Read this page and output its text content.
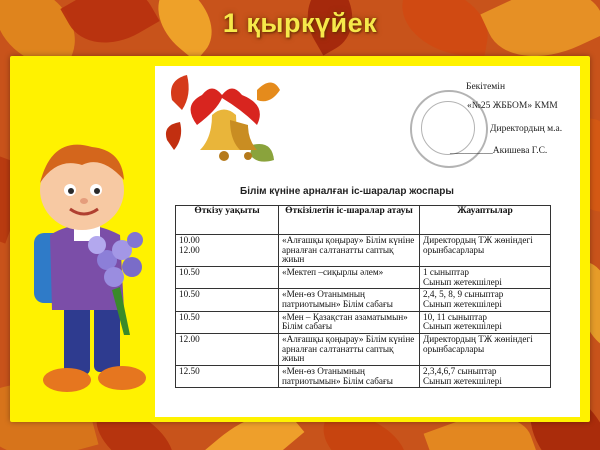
1 қыркүйек
Бекітемін
«№25 ЖББОМ» КММ
Директордың м.а.
_________Акишева Г.С.
Білім күніне арналған іс-шаралар жоспары
Өткізу уақыты	Өткізілетін іс-шаралар атауы	Жауаптылар
10.00
12.00	«Алғашқы қоңырау» Білім күніне арналған салтанатты саптық жиын	Директордың ТЖ жөніндегі орынбасарлары
10.50	«Мектеп –сиқырлы әлем»	1 сыныптар
Сынып жетекшілері
10.50	«Мен-өз Отанымның патриотымын» Білім сабағы	2,4, 5, 8, 9 сыныптар
Сынып жетекшілері
10.50	«Мен – Қазақстан азаматымын» Білім сабағы	10, 11 сыныптар
Сынып жетекшілері
12.00	«Алғашқы қоңырау» Білім күніне арналған салтанатты саптық жиын	Директордың ТЖ жөніндегі орынбасарлары
12.50	«Мен-өз Отанымның патриотымын» Білім сабағы	2,3,4,6,7 сыныптар
Сынып жетекшілері
